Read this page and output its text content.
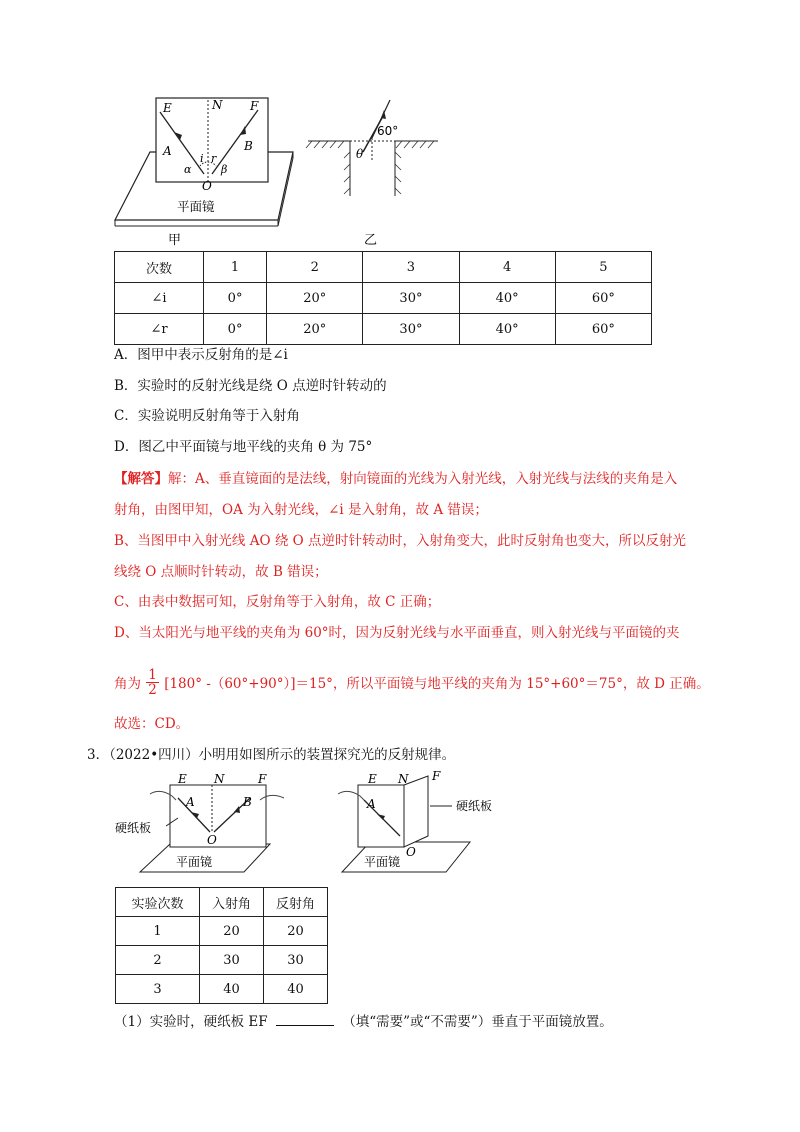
E	N F
A	B
i r
α	β
O
平面镜
甲
60°
θ
乙
次数	1	2	3	4	5
∠i	0°	20°	30°	40°	60°
∠r	0°	20°	30°	40°	60°
A．图甲中表示反射角的是∠i
B．实验时的反射光线是绕 O 点逆时针转动的
C．实验说明反射角等于入射角
D．图乙中平面镜与地平线的夹角 θ 为 75°
【解答】解：A、垂直镜面的是法线，射向镜面的光线为入射光线，入射光线与法线的夹角是入
射角，由图甲知，OA 为入射光线，∠i 是入射角，故 A 错误；
B、当图甲中入射光线 AO 绕 O 点逆时针转动时，入射角变大，此时反射角也变大，所以反射光
线绕 O 点顺时针转动，故 B 错误；
C、由表中数据可知，反射角等于入射角，故 C 正确；
D、当太阳光与地平线的夹角为 60°时，因为反射光线与水平面垂直，则入射光线与平面镜的夹
角为 $\frac{1}{2} [180^\circ$ -（60°+90°）]＝15°，所以平面镜与地平线的夹角为 15°+60°＝75°，故 D 正确。
故选：CD。
3．（2022•四川）小明用如图所示的装置探究光的反射规律。
E N	F
A	B
O
硬纸板
平面镜
E N F
A
O
硬纸板
平面镜
实验次数	入射角	反射角
1	20	20
2	30	30
3	40	40
（1）实验时，硬纸板 EF	（填“需要”或“不需要”）垂直于平面镜放置。
